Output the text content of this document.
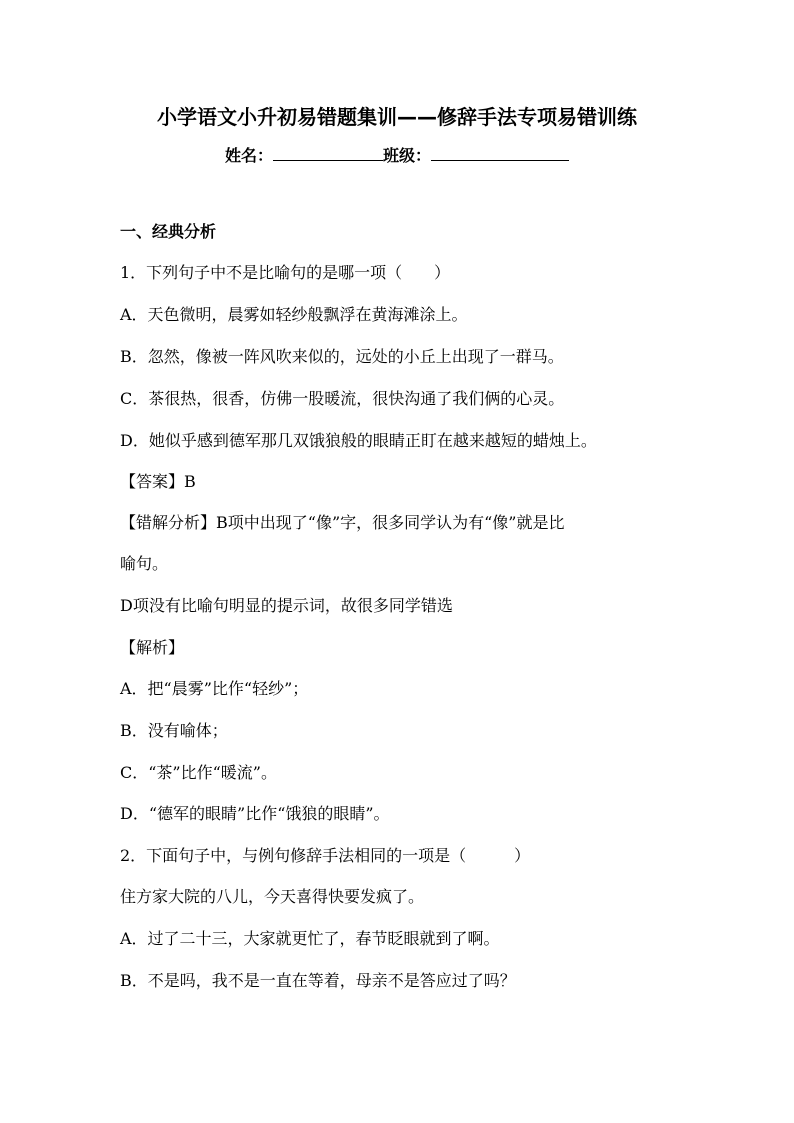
小学语文小升初易错题集训——修辞手法专项易错训练
姓名：	班级：
一、经典分析
1．下列句子中不是比喻句的是哪一项（　　）
A．天色微明，晨雾如轻纱般飘浮在黄海滩涂上。
B．忽然，像被一阵风吹来似的，远处的小丘上出现了一群马。
C．茶很热，很香，仿佛一股暖流，很快沟通了我们俩的心灵。
D．她似乎感到德军那几双饿狼般的眼睛正盯在越来越短的蜡烛上。
【答案】B
【错解分析】B项中出现了“像”字，很多同学认为有“像”就是比
喻句。
D项没有比喻句明显的提示词，故很多同学错选
【解析】
A．把“晨雾”比作“轻纱”；
B．没有喻体；
C．“茶”比作“暖流”。
D．“德军的眼睛”比作“饿狼的眼睛”。
2．下面句子中，与例句修辞手法相同的一项是（　　　）
住方家大院的八儿，今天喜得快要发疯了。
A．过了二十三，大家就更忙了，春节眨眼就到了啊。
B．不是吗，我不是一直在等着，母亲不是答应过了吗？
